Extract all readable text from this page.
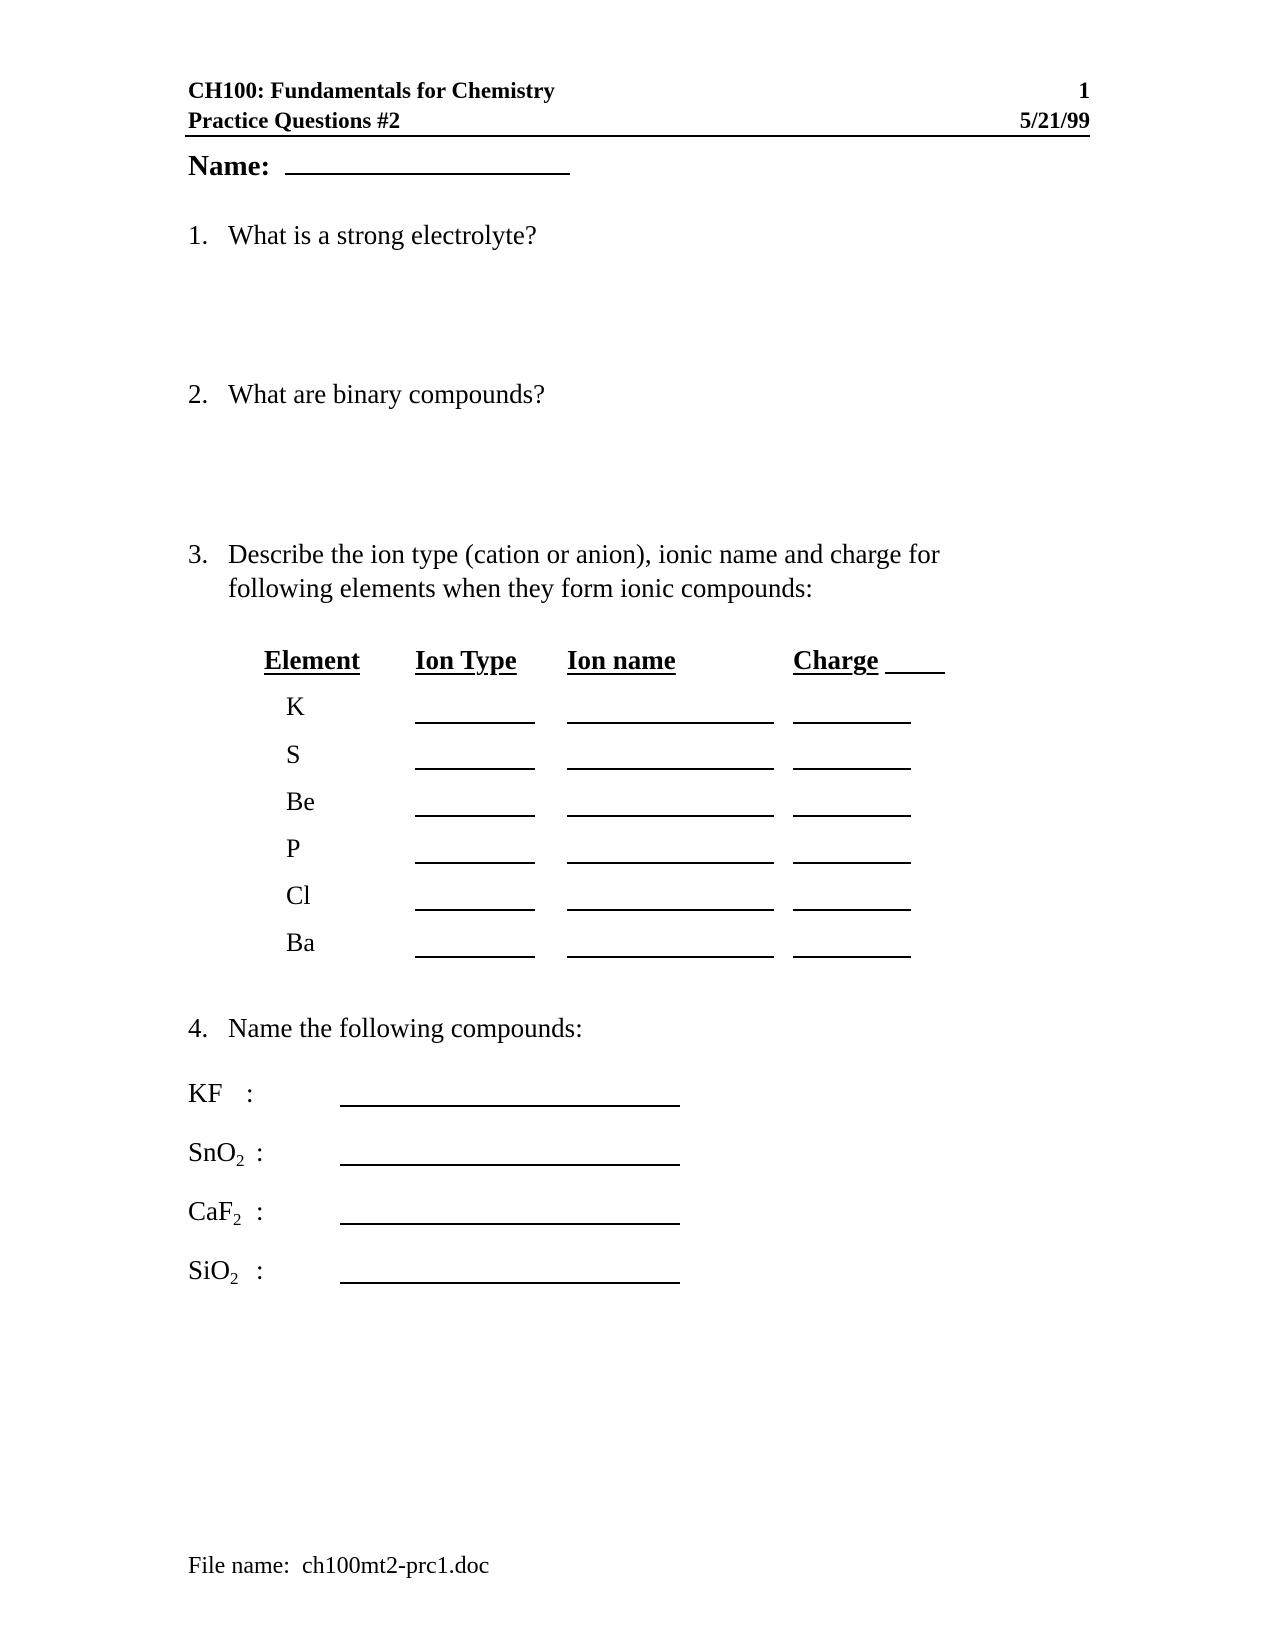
CH100: Fundamentals for Chemistry
Practice Questions #2
1
5/21/99
Name:
1. What is a strong electrolyte?
2. What are binary compounds?
3. Describe the ion type (cation or anion), ionic name and charge for
following elements when they form ionic compounds:
Element Ion Type Ion name	Charge
K
S
Be
P
Cl
Ba
4. Name the following compounds:
KF :
SnO$_2$ :
CaF$_2$ :
SiO$_2$ :
File name: ch100mt2-prc1.doc
